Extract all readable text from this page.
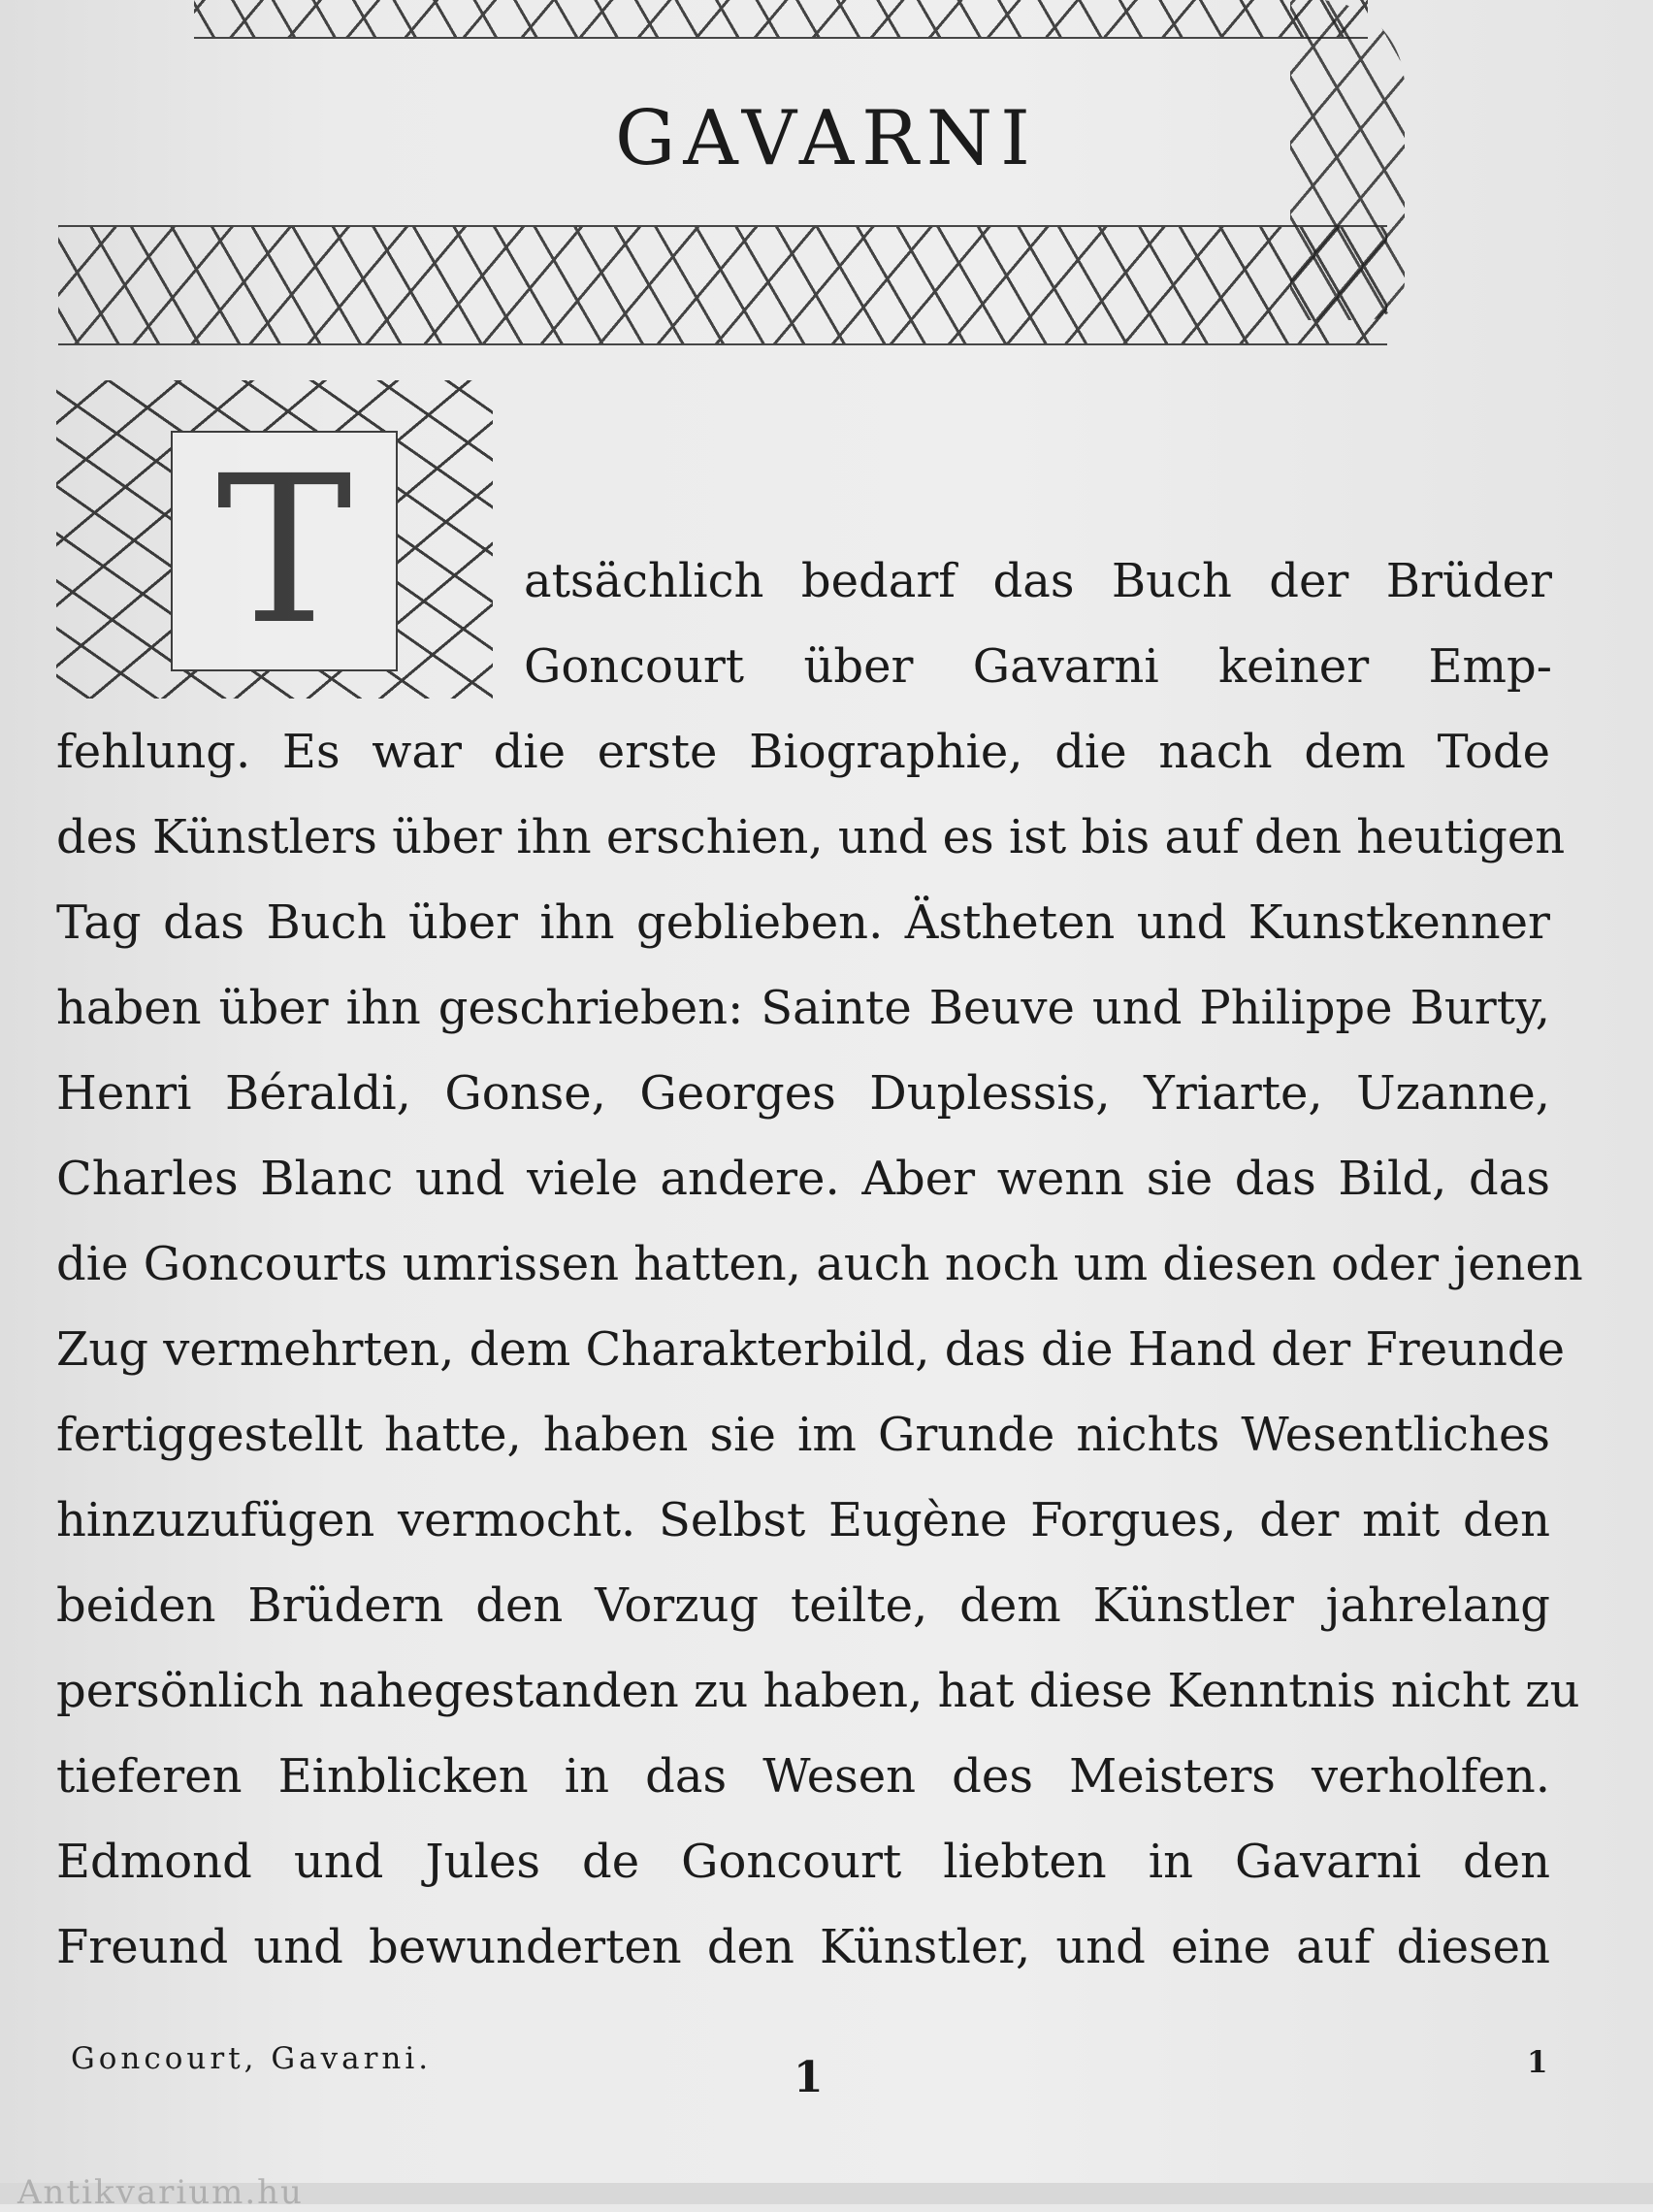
GAVARNI
T	atsächlich bedarf das Buch der Brüder
Goncourt über Gavarni keiner Emp-
fehlung. Es war die erste Biographie, die nach dem Tode
des Künstlers über ihn erschien, und es ist bis auf den heutigen
Tag das Buch über ihn geblieben. Ästheten und Kunstkenner
haben über ihn geschrieben: Sainte Beuve und Philippe Burty,
Henri Béraldi, Gonse, Georges Duplessis, Yriarte, Uzanne,
Charles Blanc und viele andere. Aber wenn sie das Bild, das
die Goncourts umrissen hatten, auch noch um diesen oder jenen
Zug vermehrten, dem Charakterbild, das die Hand der Freunde
fertiggestellt hatte, haben sie im Grunde nichts Wesentliches
hinzuzufügen vermocht. Selbst Eugène Forgues, der mit den
beiden Brüdern den Vorzug teilte, dem Künstler jahrelang
persönlich nahegestanden zu haben, hat diese Kenntnis nicht zu
tieferen Einblicken in das Wesen des Meisters verholfen.
Edmond und Jules de Goncourt liebten in Gavarni den
Freund und bewunderten den Künstler, und eine auf diesen
Goncourt, Gavarni.	1	1
Antikvarium.hu
